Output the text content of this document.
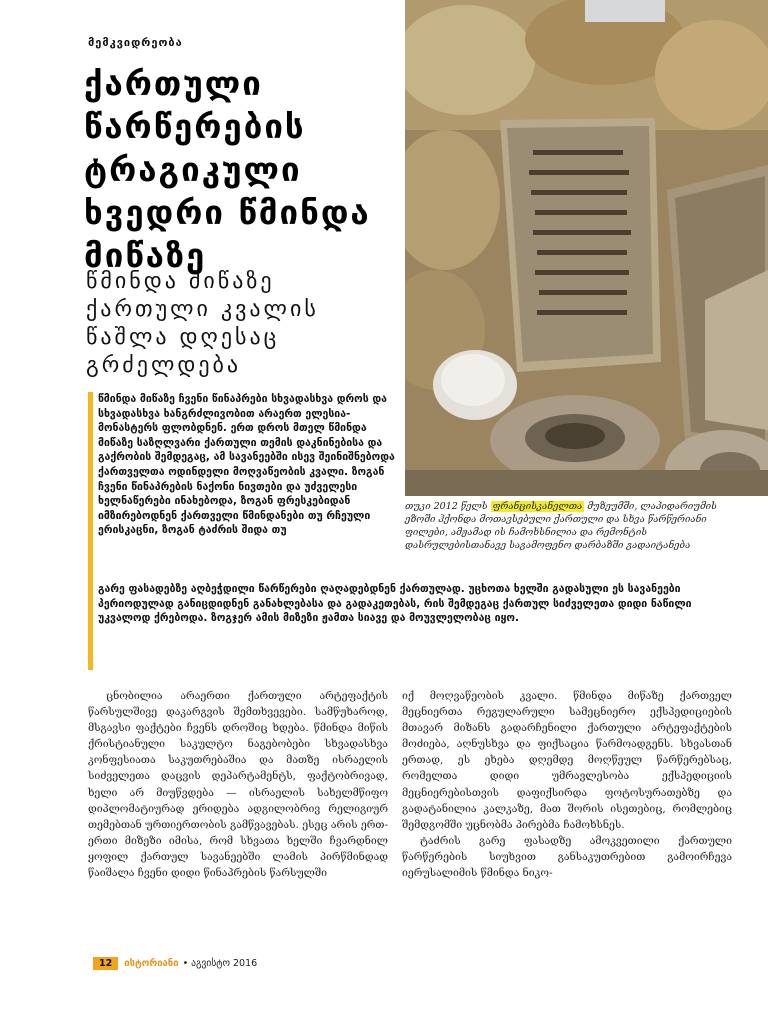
მემკვიდრეობა
ქართული წარწერების ტრაგიკული ხვედრი წმინდა მიწაზე
წმინდა მიწაზე ქართული კვალის წაშლა დღესაც გრძელდება

თუკი 2012 წელს ფრანცისკანელთა მუზეუმში, ლაპიდარიუმის ეზოში ჰქონდა მოთავსებული ქართული და სხვა წარწერიანი ფილები, ამჟამად ის ჩამოხსნილია და რემონტის დასრულებისთანავე საგამოფენო დარბაზში გადაიტანება

წმინდა მიწაზე ჩვენი წინაპრები სხვადასხვა დროს და სხვადასხვა ხანგრძლივობით არაერთ ელესია-მონასტერს ფლობდნენ. ერთ დროს მთელ წმინდა მიწაზე საზღლვარი ქართული თემის დაკნინებისა და გაქრობის შემდეგაც, ამ სავანეებში ისევ შეინიშნებოდა ქართველთა ოდინდელი მოღვაწეობის კვალი. ზოგან ჩვენი წინაპრების ნაქონი ნივთები და უძველესი ხელნაწერები ინახებოდა, ზოგან ფრესკებიდან იმზირებოდნენ ქართველი წმინდანები თუ რჩეული ერისკაცნი, ზოგან ტაძრის შიდა თუ

გარე ფასადებზე აღბეჭდილი წარწერები ღაღადებდნენ ქართულად. უცხოთა ხელში გადასული ეს სავანეები პერიოდულად განიცდიდნენ განახლებასა და გადაკეთებას, რის შემდეგაც ქართულ სიძველეთა დიდი ნაწილი უკვალოდ ქრებოდა. ზოგჯერ ამის მიზეზი ჟამთა სიავე და მოუვლელობაც იყო.

ცნობილია არაერთი ქართული არტეფაქტის წარსულშივე დაკარგვის შემთხვევები. სამწუხაროდ, მსგავსი ფაქტები ჩვენს დროშიც ხდება. წმინდა მიწის ქრისტიანული საკულტო ნაგებობები სხვადასხვა კონფესიათა საკუთრებაშია და მათზე ისრაელის სიძველეთა დაცვის დეპარტამენტს, ფაქტობრივად, ხელი არ მიუწვდება — ისრაელის სახელმწიფო დიპლომატიურად ერიდება ადგილობრივ რელიგიურ თემებთან ურთიერთობის გამწვავებას. ესეც არის ერთ-ერთი მიზეზი იმისა, რომ სხვათა ხელში ჩვარდნილ ყოფილ ქართულ სავანეებში ლამის პირწმინდად წაიშალა ჩვენი დიდი წინაპრების წარსულში

იქ მოღვაწეობის კვალი. წმინდა მიწაზე ქართველ მეცნიერთა რეგულარული სამეცნიერო ექსპედიციების მთავარ მიზანს გადარჩენილი ქართული არტეფაქტების მოძიება, აღნუსხვა და ფიქსაცია წარმოადგენს. სხვასთან ერთად, ეს ეხება დღემდე მოღწეულ წარწერებსაც, რომელთა დიდი უმრავლესობა ექსპედიციის მეცნიერებისთვის დაფიქსირდა ფოტოსურათებზე და გადატანილია კალკაზე, მათ შორის ისეთებიც, რომლებიც შემდგომში უცნობმა პირებმა ჩამოხსნეს.

ტაძრის გარე ფასადზე ამოკვეთილი ქართული წარწერების სიუხვით განსაკუთრებით გამოირჩევა იერუსალიმის წმინდა ნიკო-

12	ისტორიანი • აგვისტო 2016
